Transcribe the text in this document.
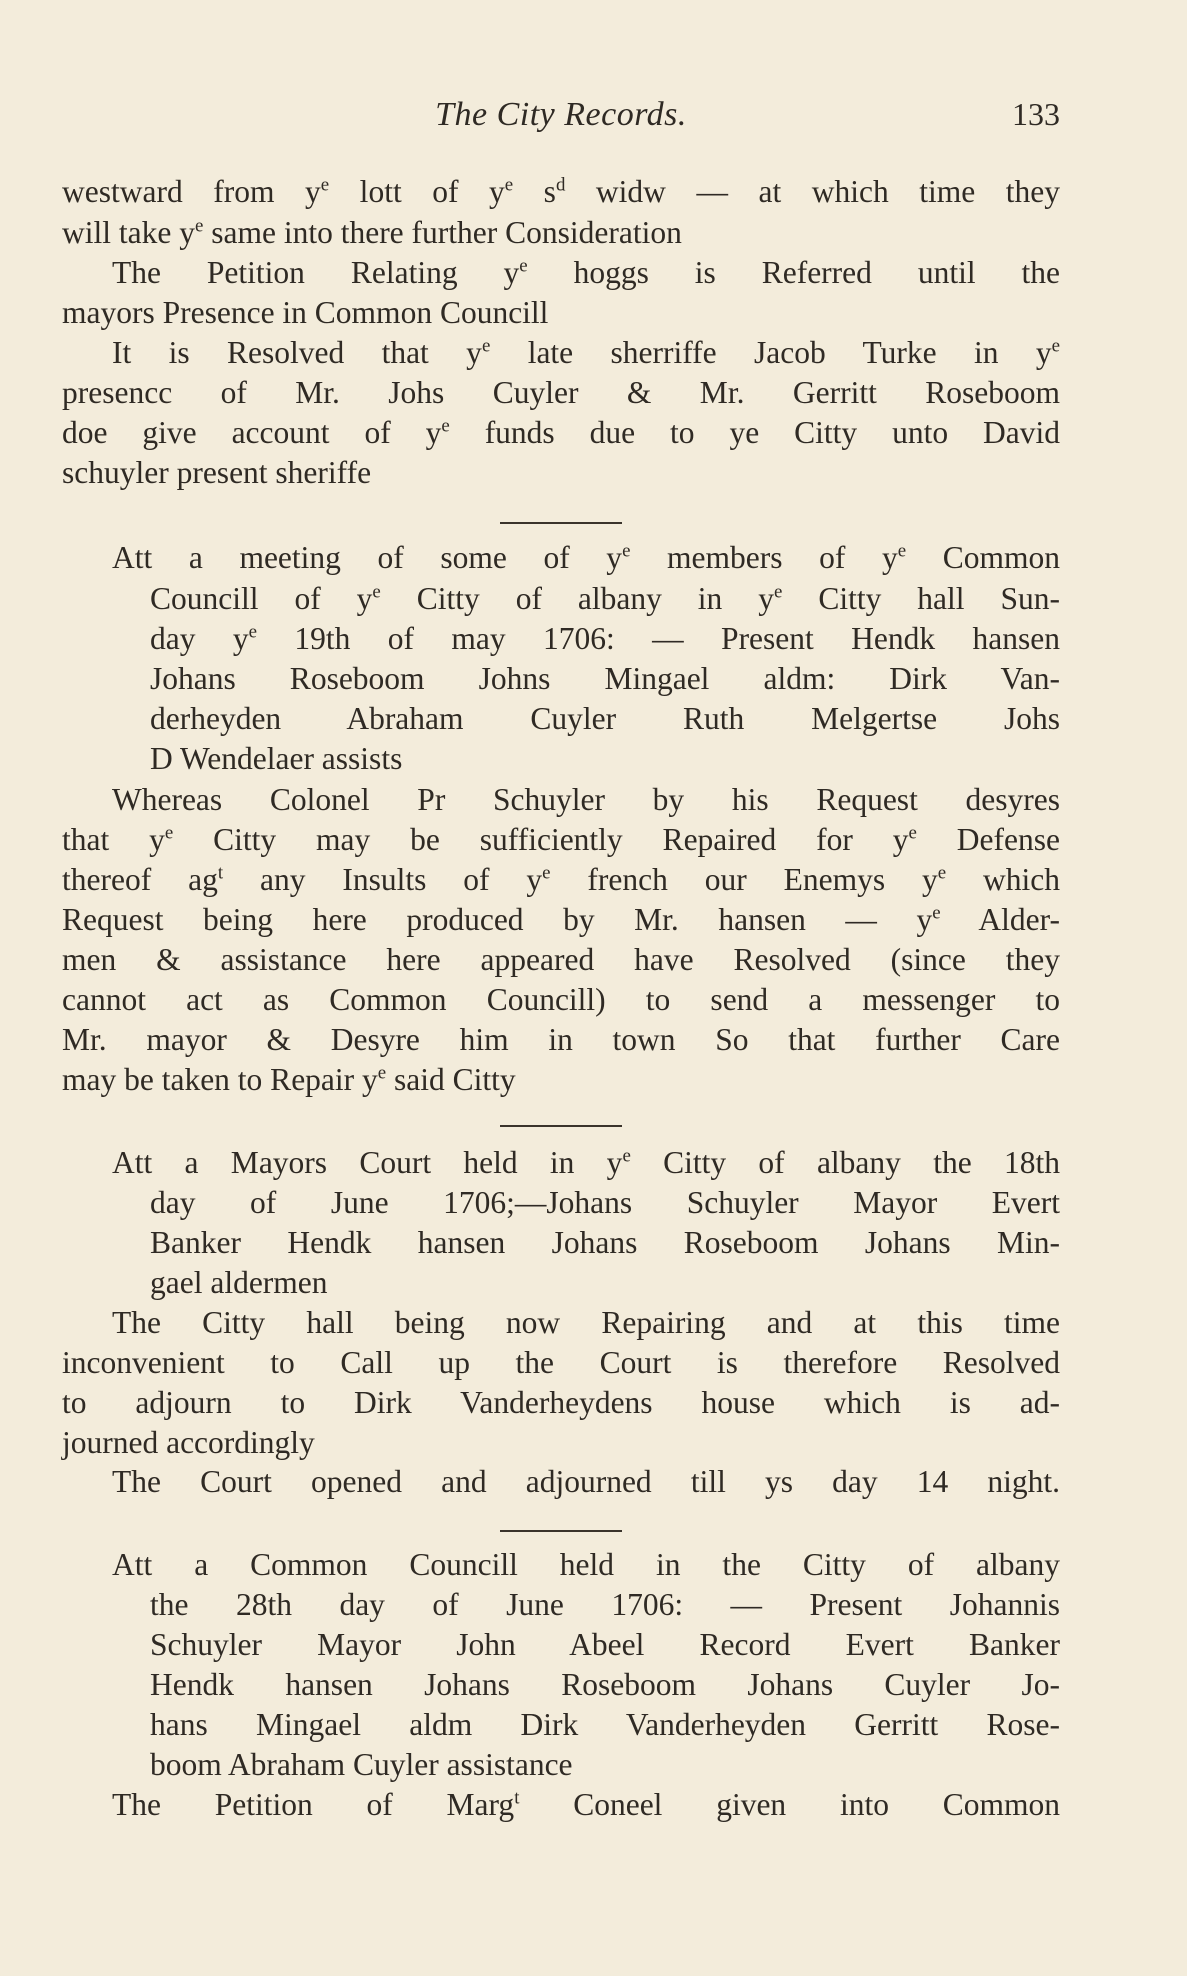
The City Records.	133
westward from $y^e$ lott of $y^e$ $s^d$ widw — at which time they
will take $y^e$ same into there further Consideration
The Petition Relating $y^e$ hoggs is Referred until the
mayors Presence in Common Councill
It is Resolved that $y^e$ late sherriffe Jacob Turke in $y^e$
presencc of Mr. Johs Cuyler & Mr. Gerritt Roseboom
doe give account of $y^e$ funds due to ye Citty unto David
schuyler present sheriffe
Att a meeting of some of $y^e$ members of $y^e$ Common
Councill of $y^e$ Citty of albany in $y^e$ Citty hall Sun-
day $y^e$ 19th of may 1706: — Present Hendk hansen
Johans Roseboom Johns Mingael aldm: Dirk Van-
derheyden Abraham Cuyler Ruth Melgertse Johs
D Wendelaer assists
Whereas Colonel Pr Schuyler by his Request desyres
that $y^e$ Citty may be sufficiently Repaired for $y^e$ Defense
thereof $ag^t$ any Insults of $y^e$ french our Enemys $y^e$ which
Request being here produced by Mr. hansen — $y^e$ Alder-
men & assistance here appeared have Resolved (since they
cannot act as Common Councill) to send a messenger to
Mr. mayor & Desyre him in town So that further Care
may be taken to Repair $y^e$ said Citty
Att a Mayors Court held in $y^e$ Citty of albany the 18th
day of June 1706;—Johans Schuyler Mayor Evert
Banker Hendk hansen Johans Roseboom Johans Min-
gael aldermen
The Citty hall being now Repairing and at this time
inconvenient to Call up the Court is therefore Resolved
to adjourn to Dirk Vanderheydens house which is ad-
journed accordingly
The Court opened and adjourned till ys day 14 night.
Att a Common Councill held in the Citty of albany
the 28th day of June 1706: — Present Johannis
Schuyler Mayor John Abeel Record Evert Banker
Hendk hansen Johans Roseboom Johans Cuyler Jo-
hans Mingael aldm Dirk Vanderheyden Gerritt Rose-
boom Abraham Cuyler assistance
The Petition of Marg$^t$ Coneel given into Common
